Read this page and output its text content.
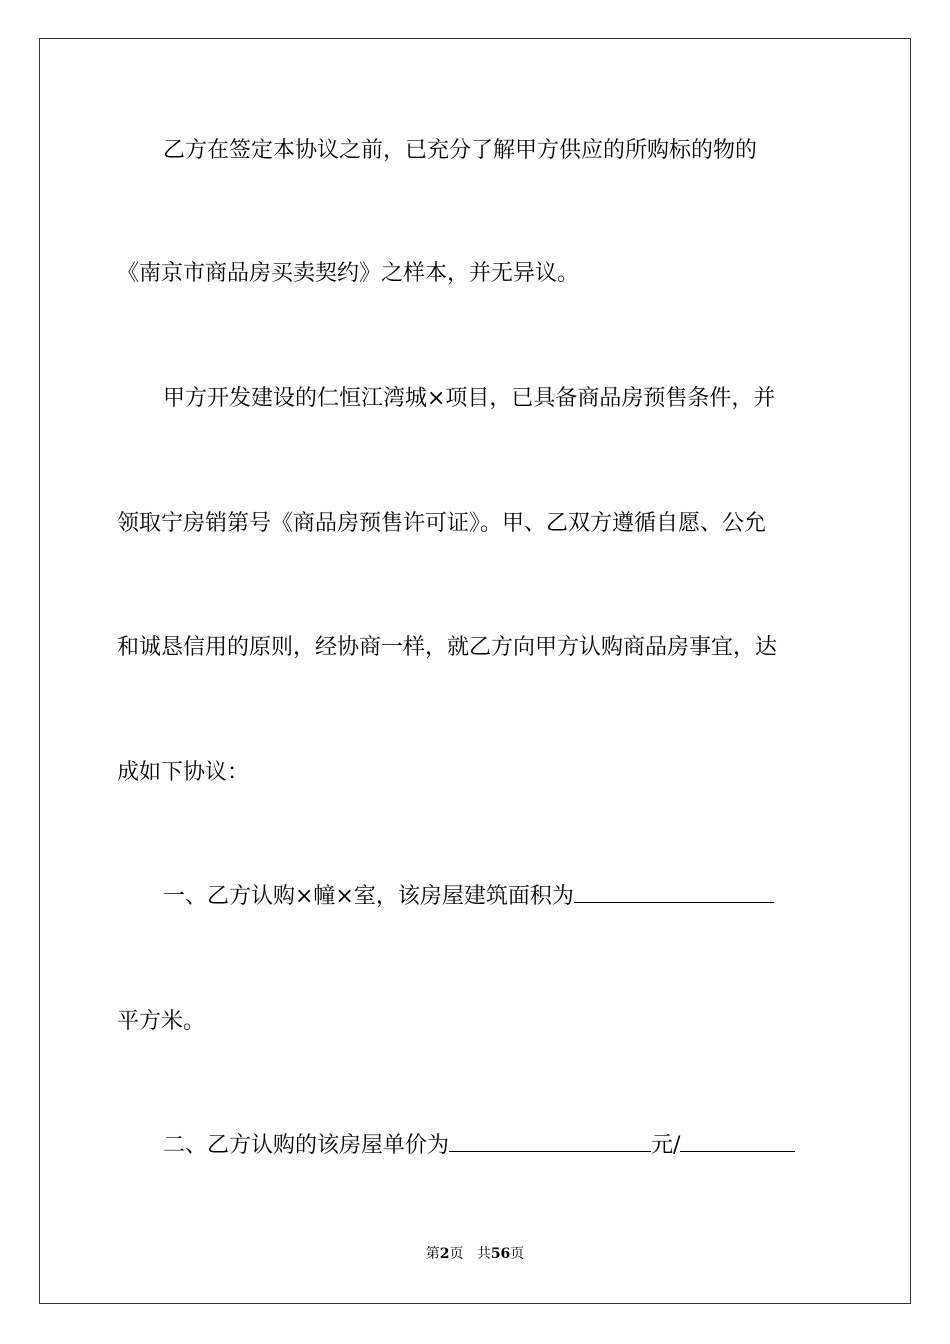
乙方在签定本协议之前，已充分了解甲方供应的所购标的物的
《南京市商品房买卖契约》之样本，并无异议。
甲方开发建设的仁恒江湾城×项目，已具备商品房预售条件，并
领取宁房销第号《商品房预售许可证》。甲、乙双方遵循自愿、公允
和诚恳信用的原则，经协商一样，就乙方向甲方认购商品房事宜，达
成如下协议：
一、乙方认购×幢×室，该房屋建筑面积为
平方米。
二、乙方认购的该房屋单价为	元/
第2页 共56页
